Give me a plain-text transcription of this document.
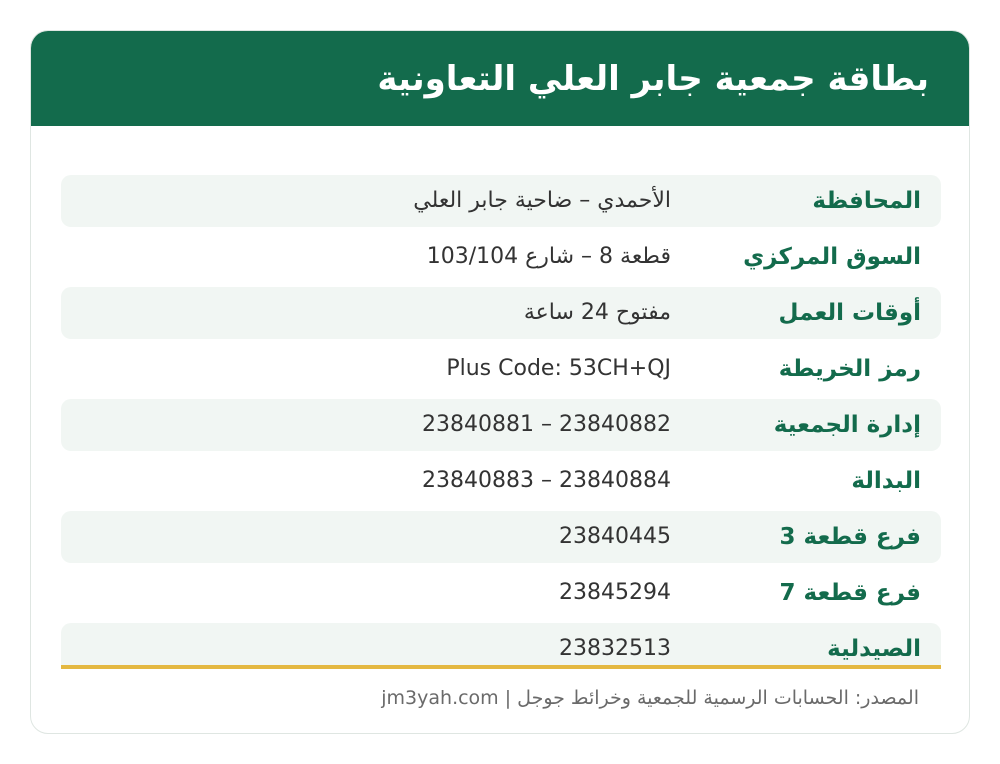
بطاقة جمعية جابر العلي التعاونية
المحافظة
الأحمدي – ضاحية جابر العلي
السوق المركزي
قطعة 8 – شارع 103/104
أوقات العمل
مفتوح 24 ساعة
رمز الخريطة
Plus Code: 53CH+QJ
إدارة الجمعية
23840881 – 23840882
البدالة
23840883 – 23840884
فرع قطعة 3
23840445
فرع قطعة 7
23845294
الصيدلية
23832513
المصدر: الحسابات الرسمية للجمعية وخرائط جوجل | jm3yah.com
